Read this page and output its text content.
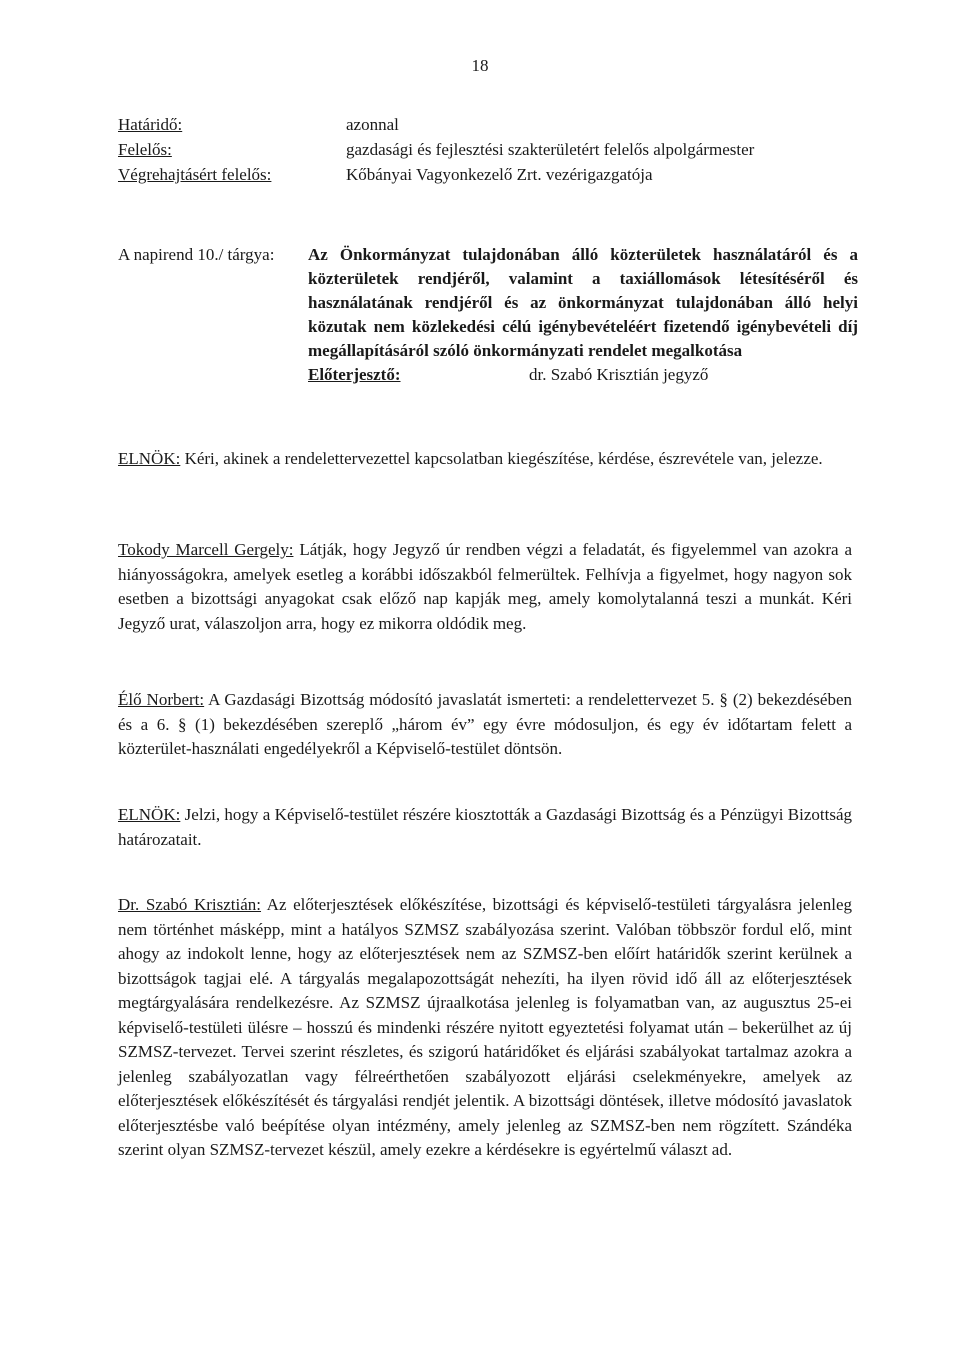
18
Határidő:	azonnal
Felelős:	gazdasági és fejlesztési szakterületért felelős alpolgármester
Végrehajtásért felelős:	Kőbányai Vagyonkezelő Zrt. vezérigazgatója
A napirend 10./ tárgya: Az Önkormányzat tulajdonában álló közterületek használatáról és a közterületek rendjéről, valamint a taxiállomások létesítéséről és használatának rendjéről és az önkormányzat tulajdonában álló helyi közutak nem közlekedési célú igénybevételéért fizetendő igénybevételi díj megállapításáról szóló önkormányzati rendelet megalkotása
Előterjesztő:	dr. Szabó Krisztián jegyző
ELNÖK: Kéri, akinek a rendelettervezettel kapcsolatban kiegészítése, kérdése, észrevétele van, jelezze.
Tokody Marcell Gergely: Látják, hogy Jegyző úr rendben végzi a feladatát, és figyelemmel van azokra a hiányosságokra, amelyek esetleg a korábbi időszakból felmerültek. Felhívja a figyelmet, hogy nagyon sok esetben a bizottsági anyagokat csak előző nap kapják meg, amely komolytalanná teszi a munkát. Kéri Jegyző urat, válaszoljon arra, hogy ez mikorra oldódik meg.
Élő Norbert: A Gazdasági Bizottság módosító javaslatát ismerteti: a rendelettervezet 5. § (2) bekezdésében és a 6. § (1) bekezdésében szereplő „három év” egy évre módosuljon, és egy év időtartam felett a közterület-használati engedélyekről a Képviselő-testület döntsön.
ELNÖK: Jelzi, hogy a Képviselő-testület részére kiosztották a Gazdasági Bizottság és a Pénzügyi Bizottság határozatait.
Dr. Szabó Krisztián: Az előterjesztések előkészítése, bizottsági és képviselő-testületi tárgyalásra jelenleg nem történhet másképp, mint a hatályos SZMSZ szabályozása szerint. Valóban többször fordul elő, mint ahogy az indokolt lenne, hogy az előterjesztések nem az SZMSZ-ben előírt határidők szerint kerülnek a bizottságok tagjai elé. A tárgyalás megalapozottságát nehezíti, ha ilyen rövid idő áll az előterjesztések megtárgyalására rendelkezésre. Az SZMSZ újraalkotása jelenleg is folyamatban van, az augusztus 25-ei képviselő-testületi ülésre – hosszú és mindenki részére nyitott egyeztetési folyamat után – bekerülhet az új SZMSZ-tervezet. Tervei szerint részletes, és szigorú határidőket és eljárási szabályokat tartalmaz azokra a jelenleg szabályozatlan vagy félreérthetően szabályozott eljárási cselekményekre, amelyek az előterjesztések előkészítését és tárgyalási rendjét jelentik. A bizottsági döntések, illetve módosító javaslatok előterjesztésbe való beépítése olyan intézmény, amely jelenleg az SZMSZ-ben nem rögzített. Szándéka szerint olyan SZMSZ-tervezet készül, amely ezekre a kérdésekre is egyértelmű választ ad.
